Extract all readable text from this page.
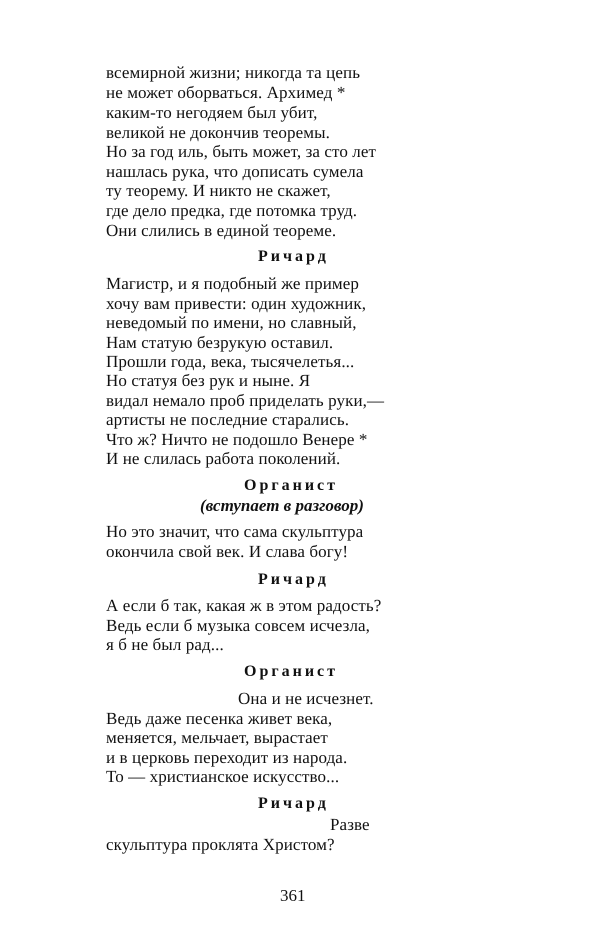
всемирной жизни; никогда та цепь
не может оборваться. Архимед *
каким-то негодяем был убит,
великой не докончив теоремы.
Но за год иль, быть может, за сто лет
нашлась рука, что дописать сумела
ту теорему. И никто не скажет,
где дело предка, где потомка труд.
Они слились в единой теореме.
Ричард
Магистр, и я подобный же пример
хочу вам привести: один художник,
неведомый по имени, но славный,
Нам статую безрукую оставил.
Прошли года, века, тысячелетья...
Но статуя без рук и ныне. Я
видал немало проб приделать руки,—
артисты не последние старались.
Что ж? Ничто не подошло Венере *
И не слилась работа поколений.
Органист
(вступает в разговор)
Но это значит, что сама скульптура
окончила свой век. И слава богу!
Ричард
А если б так, какая ж в этом радость?
Ведь если б музыка совсем исчезла,
я б не был рад...
Органист
Она и не исчезнет.
Ведь даже песенка живет века,
меняется, мельчает, вырастает
и в церковь переходит из народа.
То — христианское искусство...
Ричард
Разве
скульптура проклята Христом?
361
